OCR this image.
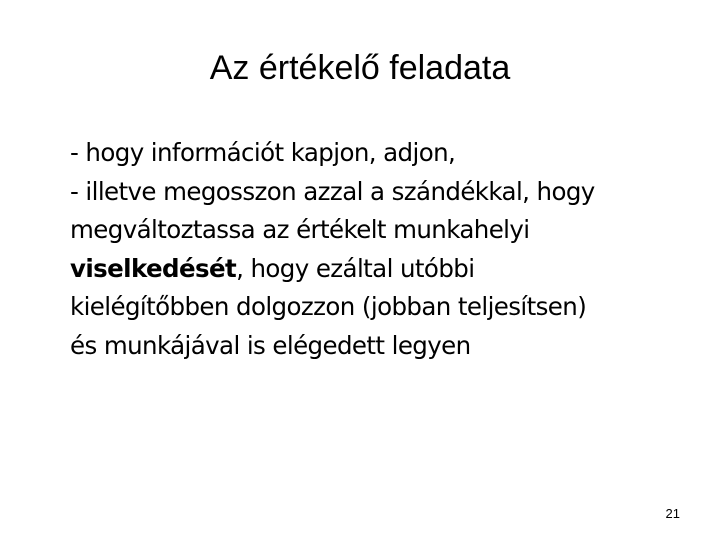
Az értékelő feladata
- hogy információt kapjon, adjon,
- illetve megosszon azzal a szándékkal, hogy
megváltoztassa az értékelt munkahelyi
viselkedését, hogy ezáltal utóbbi
kielégítőbben dolgozzon (jobban teljesítsen)
és munkájával is elégedett legyen
21
